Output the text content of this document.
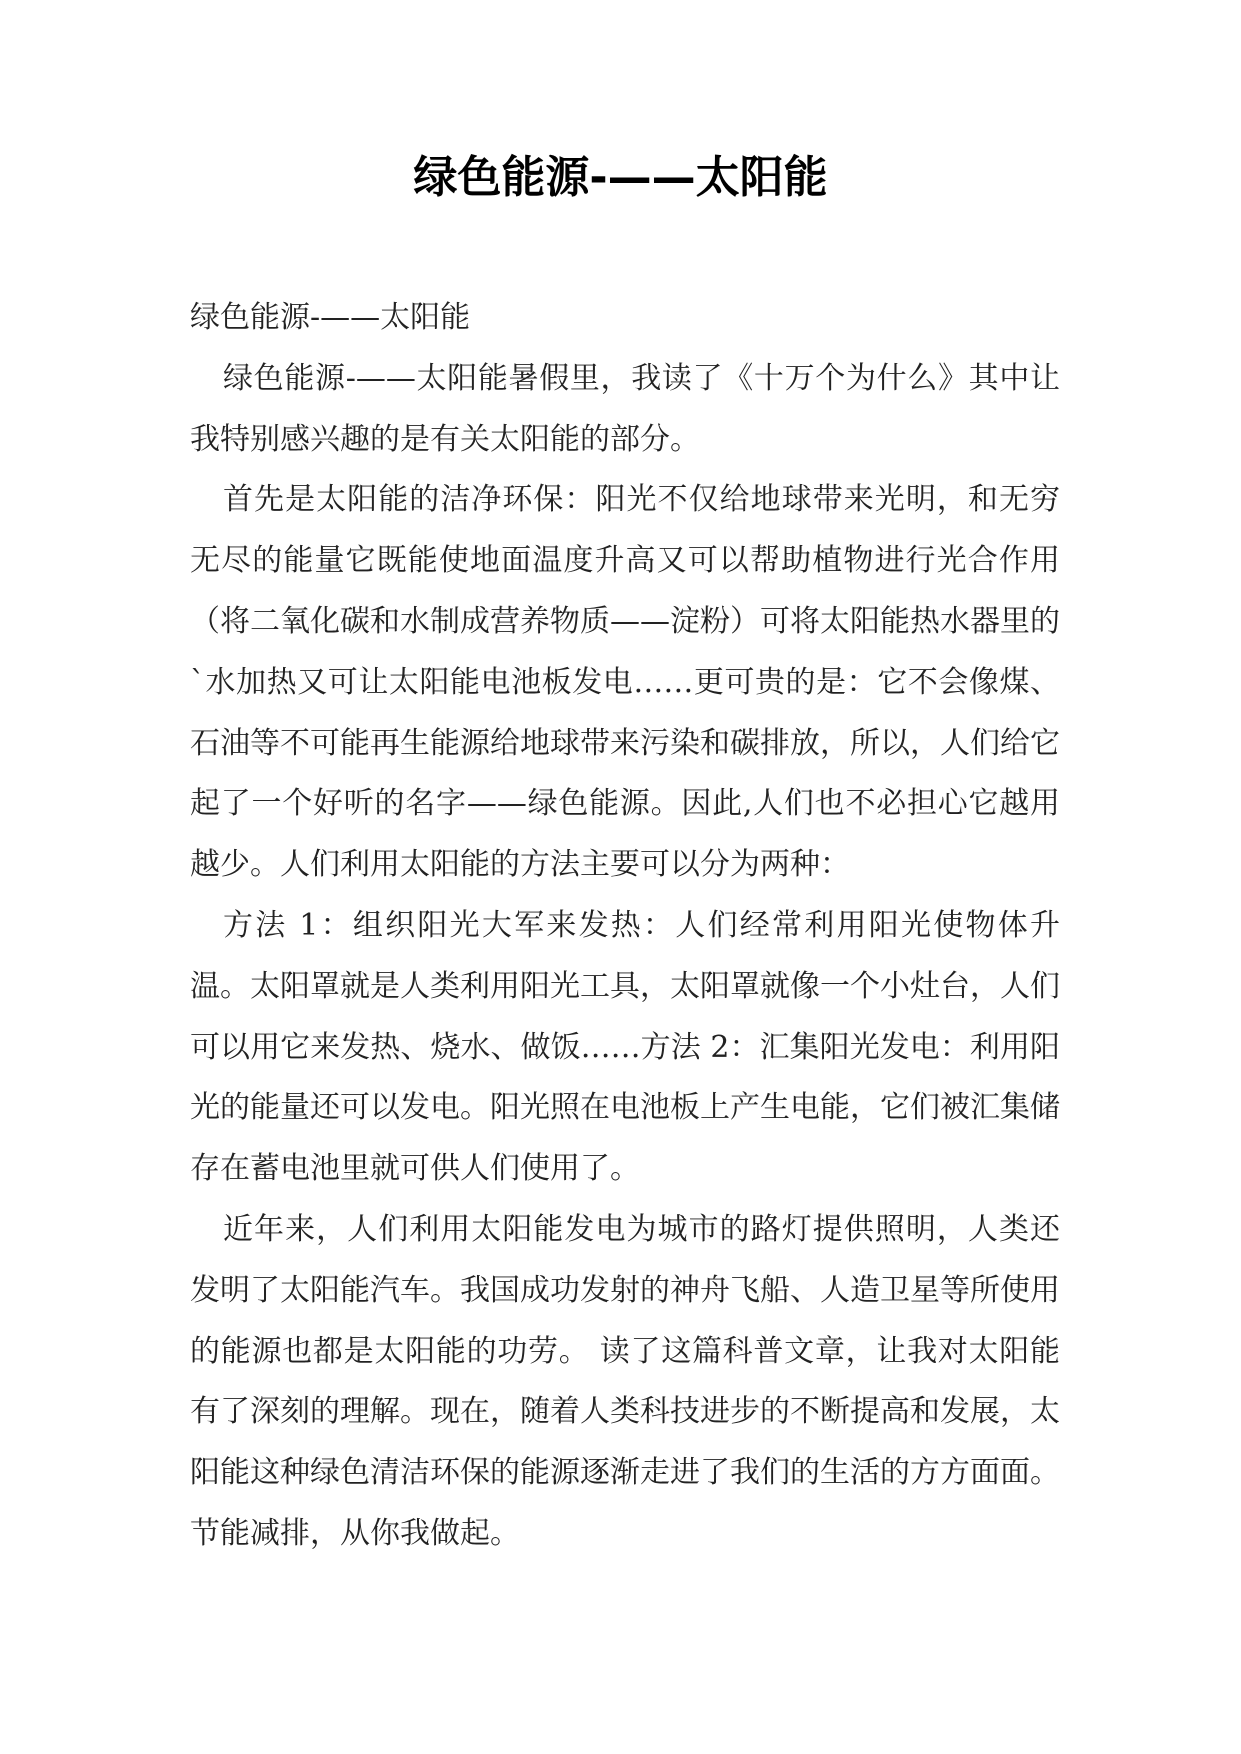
绿色能源-——太阳能

绿色能源-——太阳能

绿色能源-——太阳能暑假里，我读了《十万个为什么》其中让我特别感兴趣的是有关太阳能的部分。

首先是太阳能的洁净环保：阳光不仅给地球带来光明，和无穷无尽的能量它既能使地面温度升高又可以帮助植物进行光合作用（将二氧化碳和水制成营养物质——淀粉）可将太阳能热水器里的`水加热又可让太阳能电池板发电……更可贵的是：它不会像煤、石油等不可能再生能源给地球带来污染和碳排放，所以，人们给它起了一个好听的名字——绿色能源。因此,人们也不必担心它越用越少。人们利用太阳能的方法主要可以分为两种：

方法 1：组织阳光大军来发热：人们经常利用阳光使物体升温。太阳罩就是人类利用阳光工具，太阳罩就像一个小灶台，人们可以用它来发热、烧水、做饭……方法 2：汇集阳光发电：利用阳光的能量还可以发电。阳光照在电池板上产生电能，它们被汇集储存在蓄电池里就可供人们使用了。

近年来，人们利用太阳能发电为城市的路灯提供照明，人类还发明了太阳能汽车。我国成功发射的神舟飞船、人造卫星等所使用的能源也都是太阳能的功劳。 读了这篇科普文章，让我对太阳能有了深刻的理解。现在，随着人类科技进步的不断提高和发展，太阳能这种绿色清洁环保的能源逐渐走进了我们的生活的方方面面。节能减排，从你我做起。
